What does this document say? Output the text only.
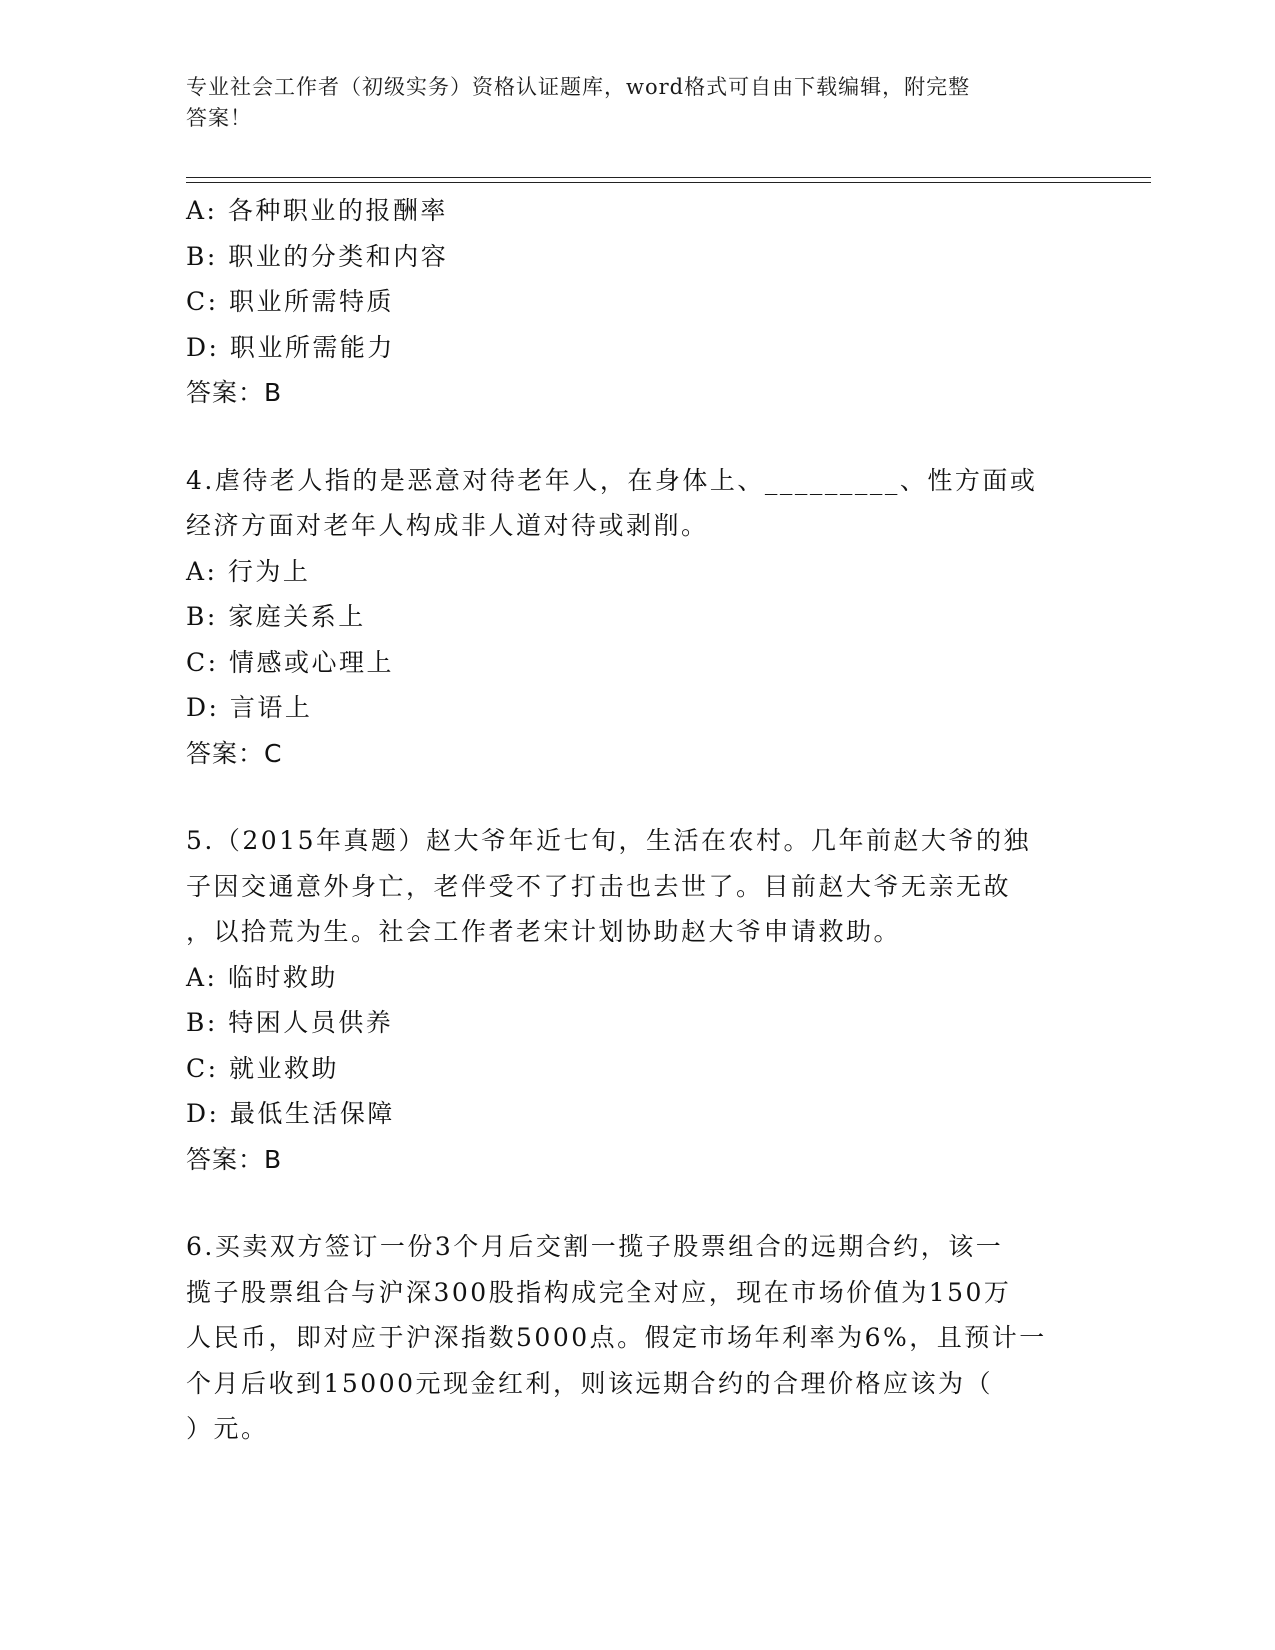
专业社会工作者（初级实务）资格认证题库，word格式可自由下载编辑，附完整
答案！
A: 各种职业的报酬率
B: 职业的分类和内容
C: 职业所需特质
D: 职业所需能力
答案：B
4.虐待老人指的是恶意对待老年人，在身体上、_________、性方面或
经济方面对老年人构成非人道对待或剥削。
A: 行为上
B: 家庭关系上
C: 情感或心理上
D: 言语上
答案：C
5.（2015年真题）赵大爷年近七旬，生活在农村。几年前赵大爷的独
子因交通意外身亡，老伴受不了打击也去世了。目前赵大爷无亲无故
，以拾荒为生。社会工作者老宋计划协助赵大爷申请救助。
A: 临时救助
B: 特困人员供养
C: 就业救助
D: 最低生活保障
答案：B
6.买卖双方签订一份3个月后交割一揽子股票组合的远期合约，该一
揽子股票组合与沪深300股指构成完全对应，现在市场价值为150万
人民币，即对应于沪深指数5000点。假定市场年利率为6%，且预计一
个月后收到15000元现金红利，则该远期合约的合理价格应该为（
）元。
